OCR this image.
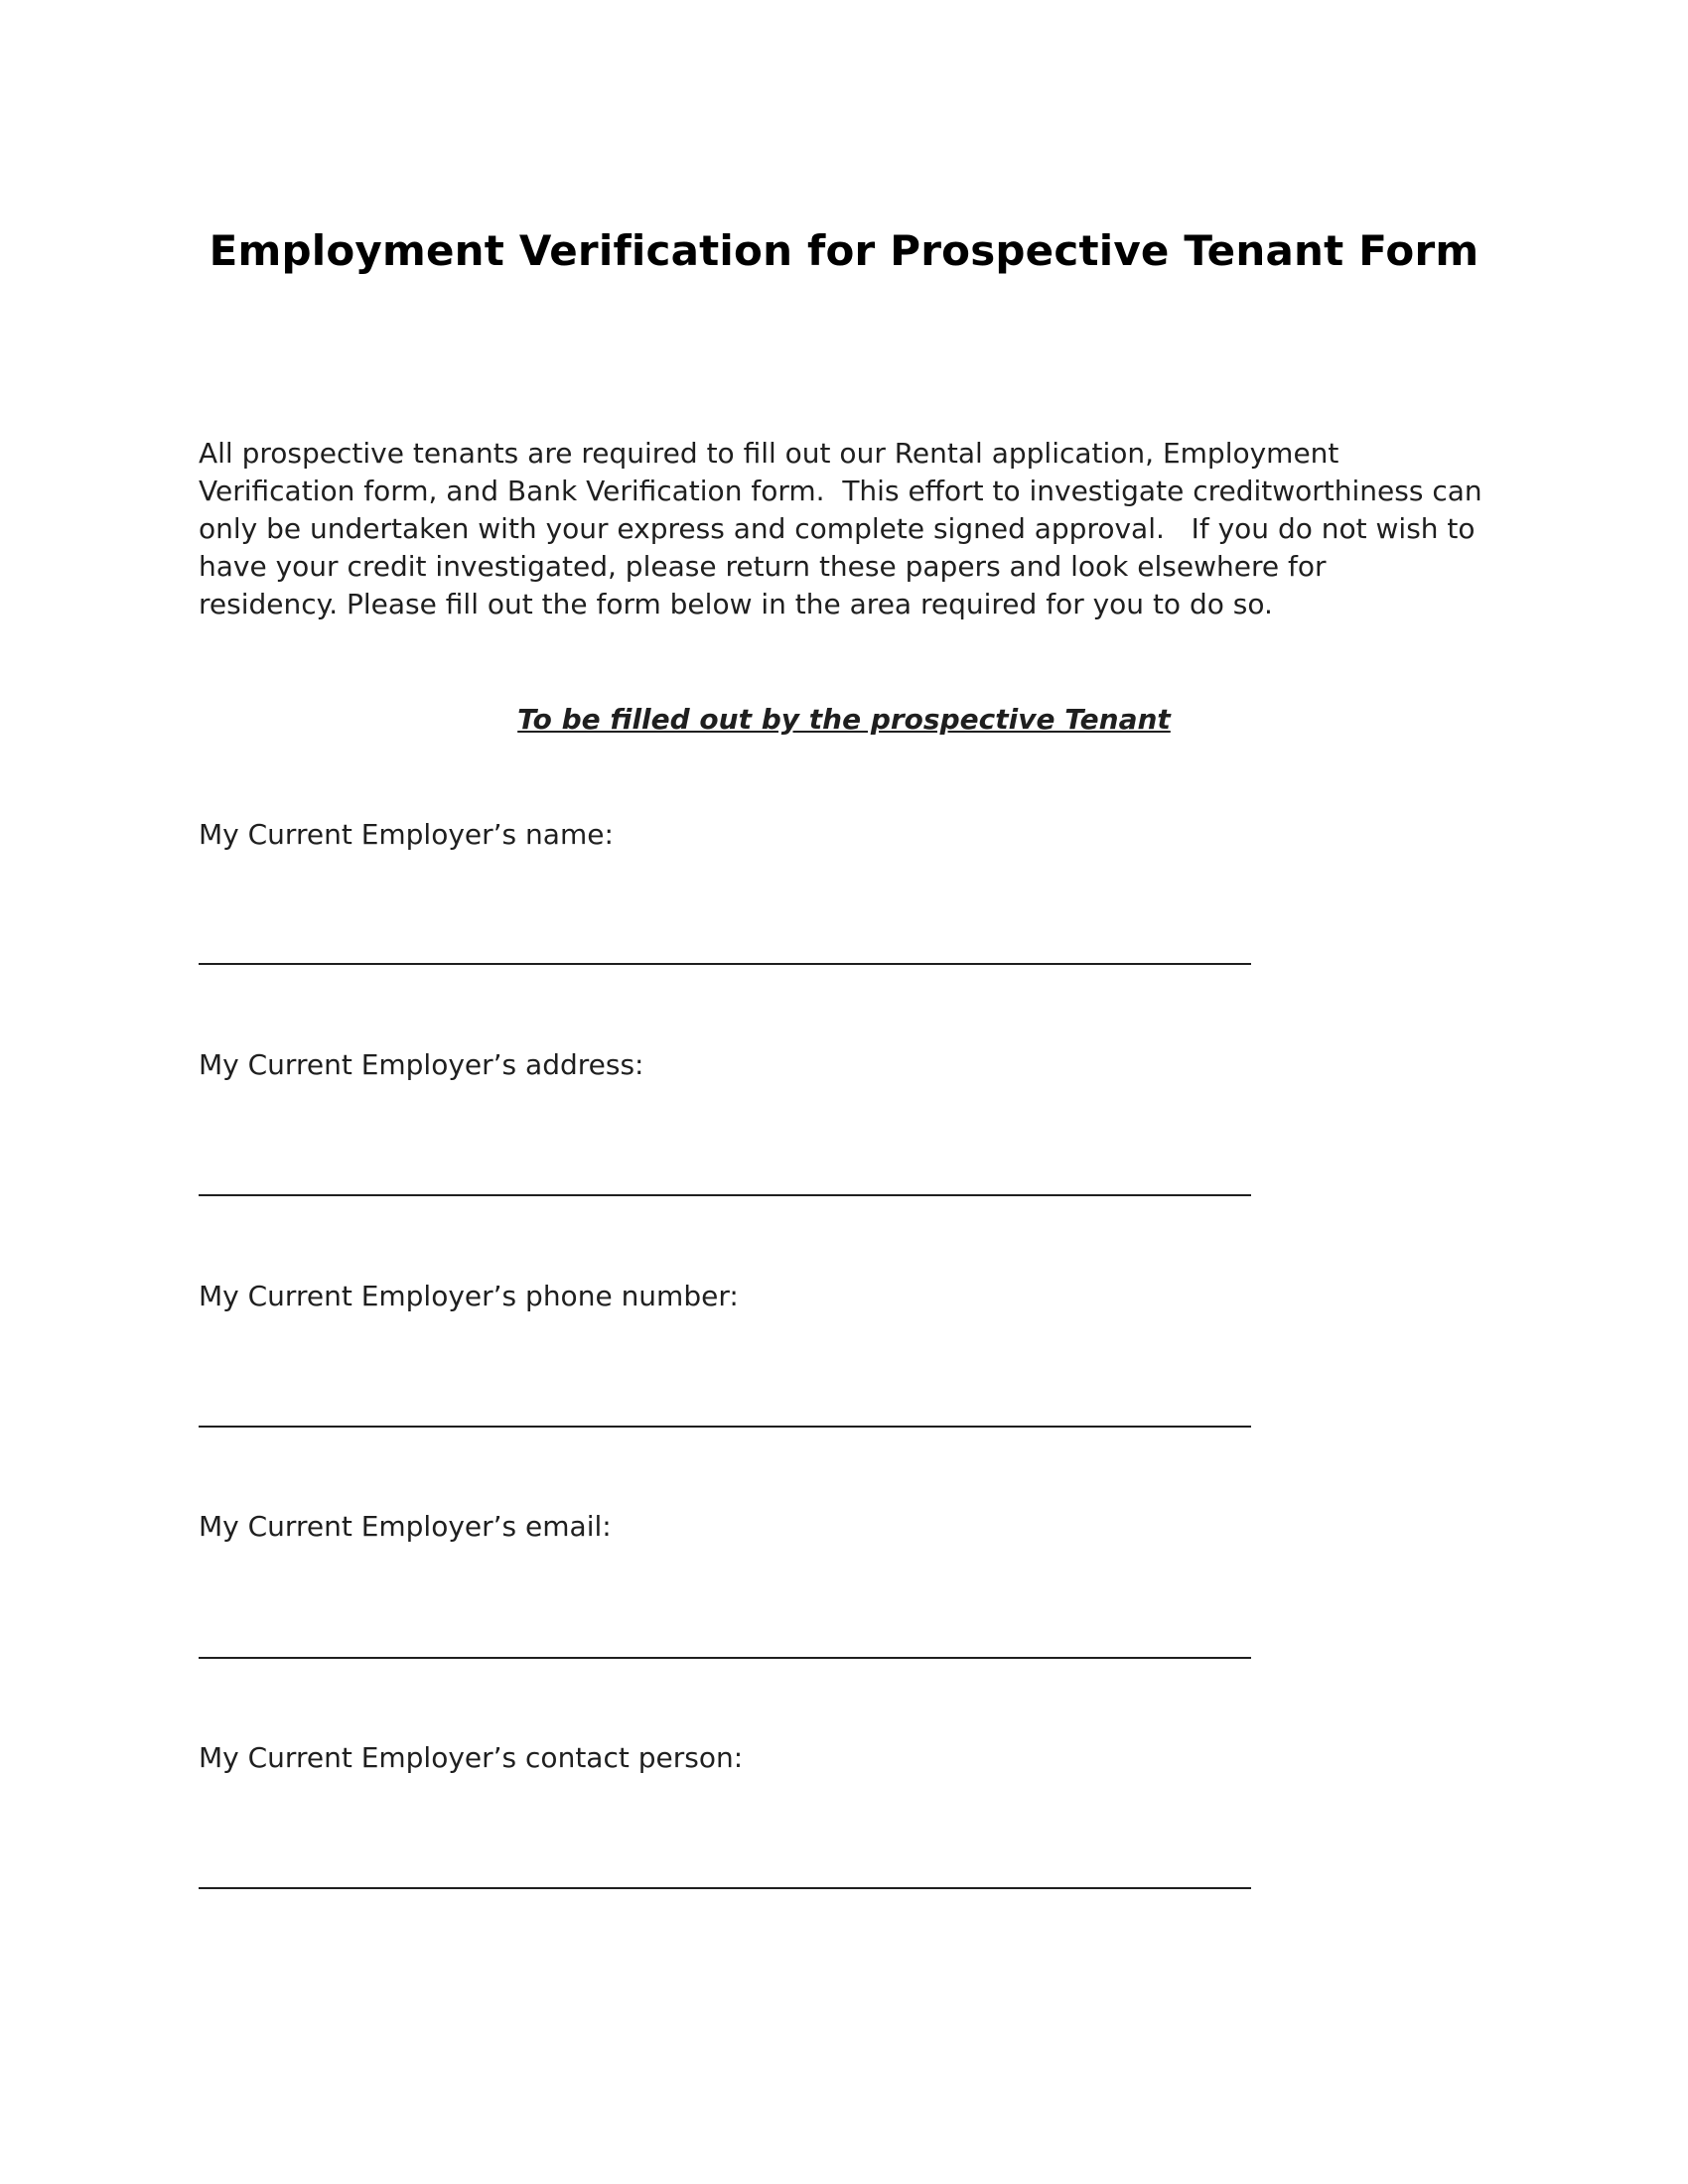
Employment Verification for Prospective Tenant Form
All prospective tenants are required to fill out our Rental application, Employment
Verification form, and Bank Verification form.  This effort to investigate creditworthiness can
only be undertaken with your express and complete signed approval.   If you do not wish to
have your credit investigated, please return these papers and look elsewhere for
residency. Please fill out the form below in the area required for you to do so.
To be filled out by the prospective Tenant
My Current Employer’s name:
My Current Employer’s address:
My Current Employer’s phone number:
My Current Employer’s email:
My Current Employer’s contact person:
